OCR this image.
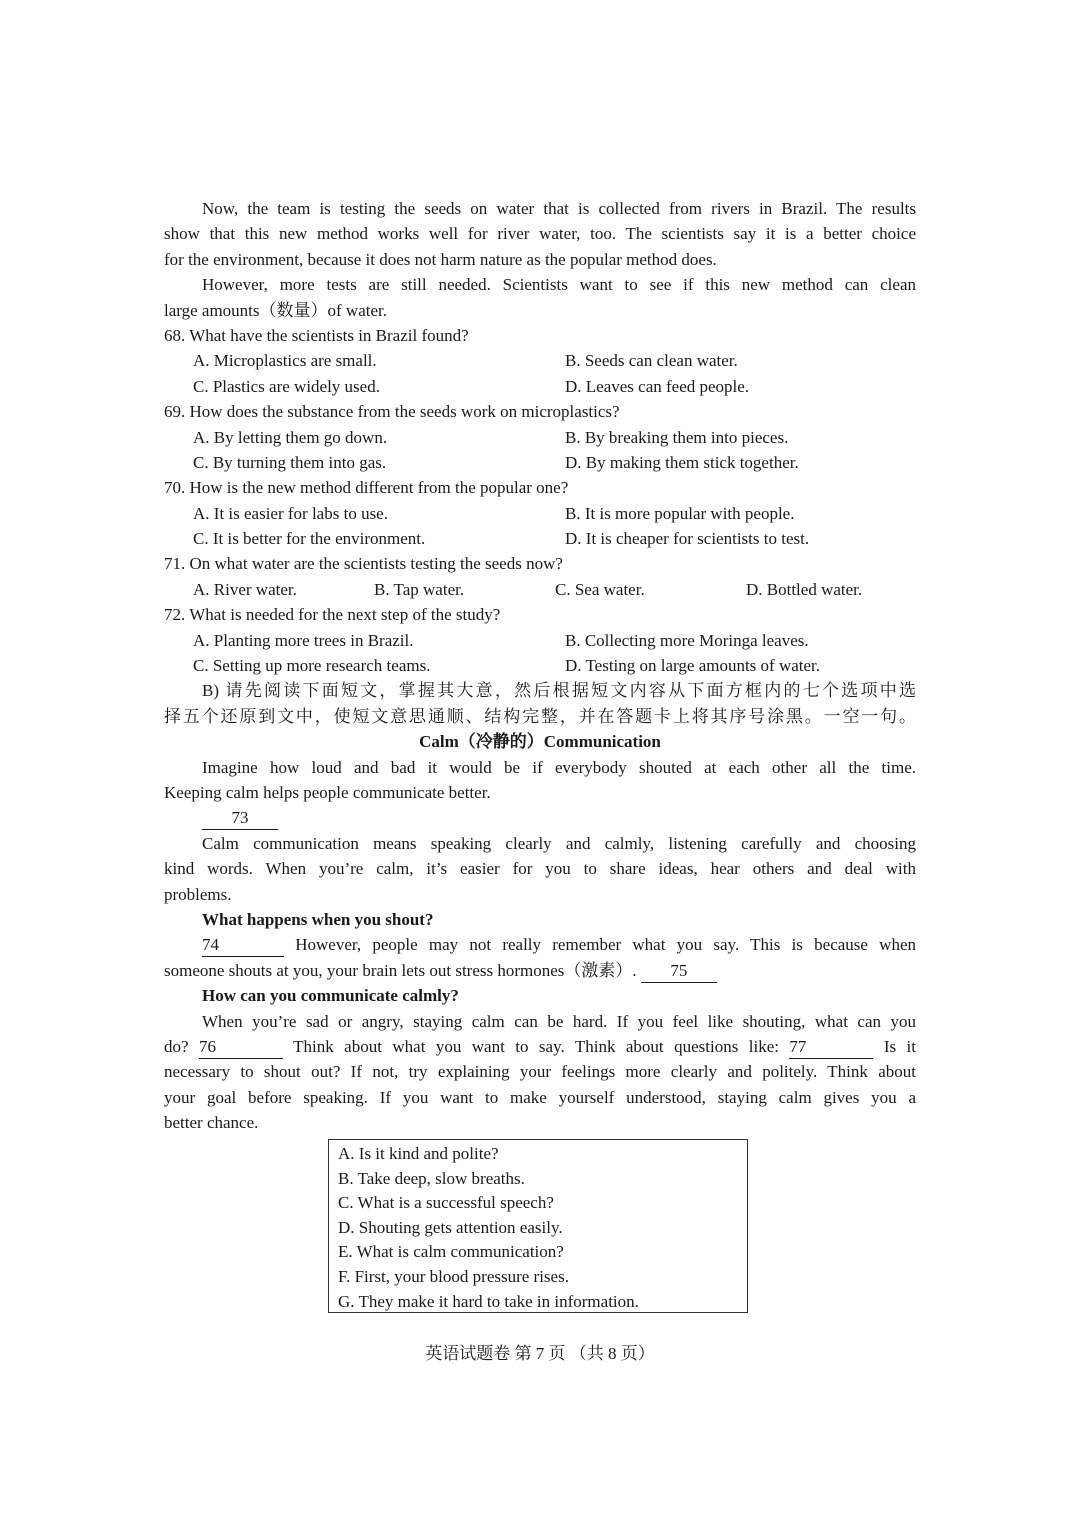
Now, the team is testing the seeds on water that is collected from rivers in Brazil. The results
show that this new method works well for river water, too. The scientists say it is a better choice
for the environment, because it does not harm nature as the popular method does.
However, more tests are still needed. Scientists want to see if this new method can clean
large amounts（数量）of water.
68. What have the scientists in Brazil found?
A. Microplastics are small.	B. Seeds can clean water.
C. Plastics are widely used.	D. Leaves can feed people.
69. How does the substance from the seeds work on microplastics?
A. By letting them go down.	B. By breaking them into pieces.
C. By turning them into gas.	D. By making them stick together.
70. How is the new method different from the popular one?
A. It is easier for labs to use.	B. It is more popular with people.
C. It is better for the environment.	D. It is cheaper for scientists to test.
71. On what water are the scientists testing the seeds now?
A. River water.	B. Tap water.	C. Sea water.	D. Bottled water.
72. What is needed for the next step of the study?
A. Planting more trees in Brazil.	B. Collecting more Moringa leaves.
C. Setting up more research teams.	D. Testing on large amounts of water.
B) 请先阅读下面短文，掌握其大意，然后根据短文内容从下面方框内的七个选项中选
择五个还原到文中，使短文意思通顺、结构完整，并在答题卡上将其序号涂黑。一空一句。
Calm（冷静的）Communication
Imagine how loud and bad it would be if everybody shouted at each other all the time.
Keeping calm helps people communicate better.
73
Calm communication means speaking clearly and calmly, listening carefully and choosing
kind words. When you’re calm, it’s easier for you to share ideas, hear others and deal with
problems.
What happens when you shout?
74	However, people may not really remember what you say. This is because when
someone shouts at you, your brain lets out stress hormones（激素）. 75
How can you communicate calmly?
When you’re sad or angry, staying calm can be hard. If you feel like shouting, what can you
do? 76	Think about what you want to say. Think about questions like: 77	Is it
necessary to shout out? If not, try explaining your feelings more clearly and politely. Think about
your goal before speaking. If you want to make yourself understood, staying calm gives you a
better chance.
A. Is it kind and polite?
B. Take deep, slow breaths.
C. What is a successful speech?
D. Shouting gets attention easily.
E. What is calm communication?
F. First, your blood pressure rises.
G. They make it hard to take in information.
英语试题卷 第 7 页 （共 8 页）
